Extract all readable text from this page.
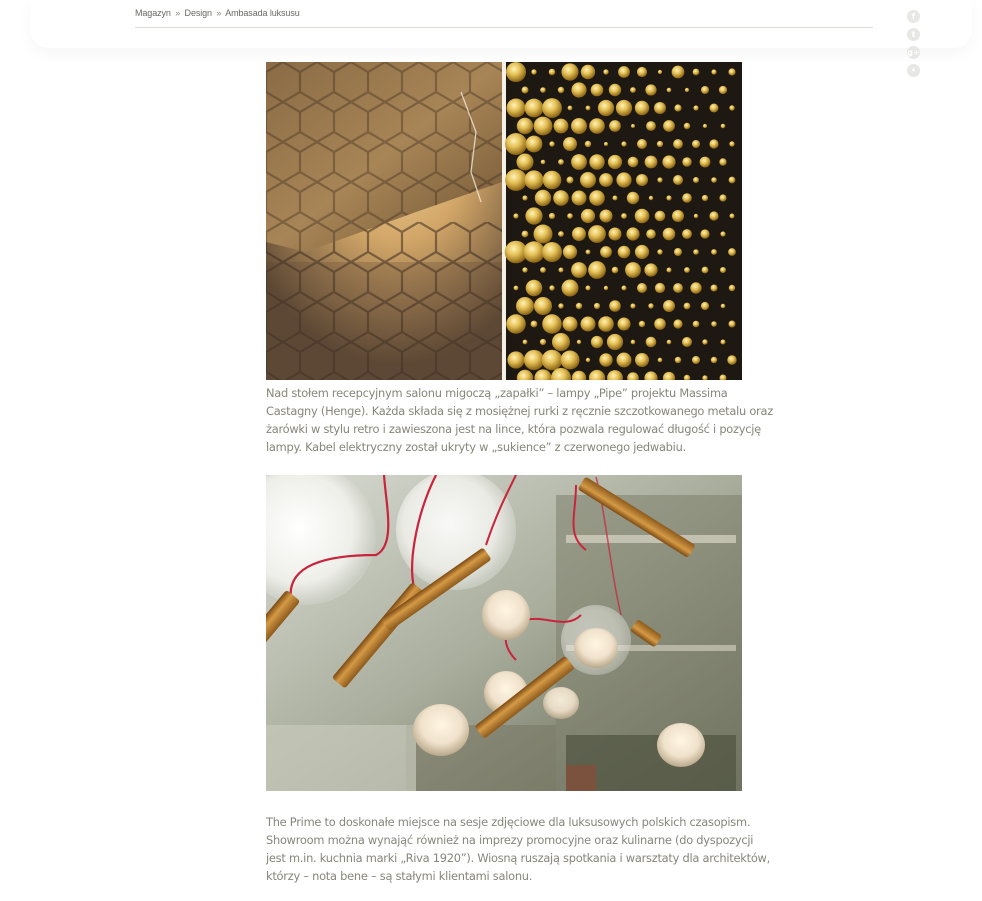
Magazyn » Design » Ambasada luksusu	f
t
g+
•
Nad stołem recepcyjnym salonu migoczą „zapałki” – lampy „Pipe” projektu Massima
Castagny (Henge). Każda składa się z mosiężnej rurki z ręcznie szczotkowanego metalu oraz
żarówki w stylu retro i zawieszona jest na lince, która pozwala regulować długość i pozycję
lampy. Kabel elektryczny został ukryty w „sukience” z czerwonego jedwabiu.
The Prime to doskonałe miejsce na sesje zdjęciowe dla luksusowych polskich czasopism.
Showroom można wynająć również na imprezy promocyjne oraz kulinarne (do dyspozycji
jest m.in. kuchnia marki „Riva 1920”). Wiosną ruszają spotkania i warsztaty dla architektów,
którzy – nota bene – są stałymi klientami salonu.
